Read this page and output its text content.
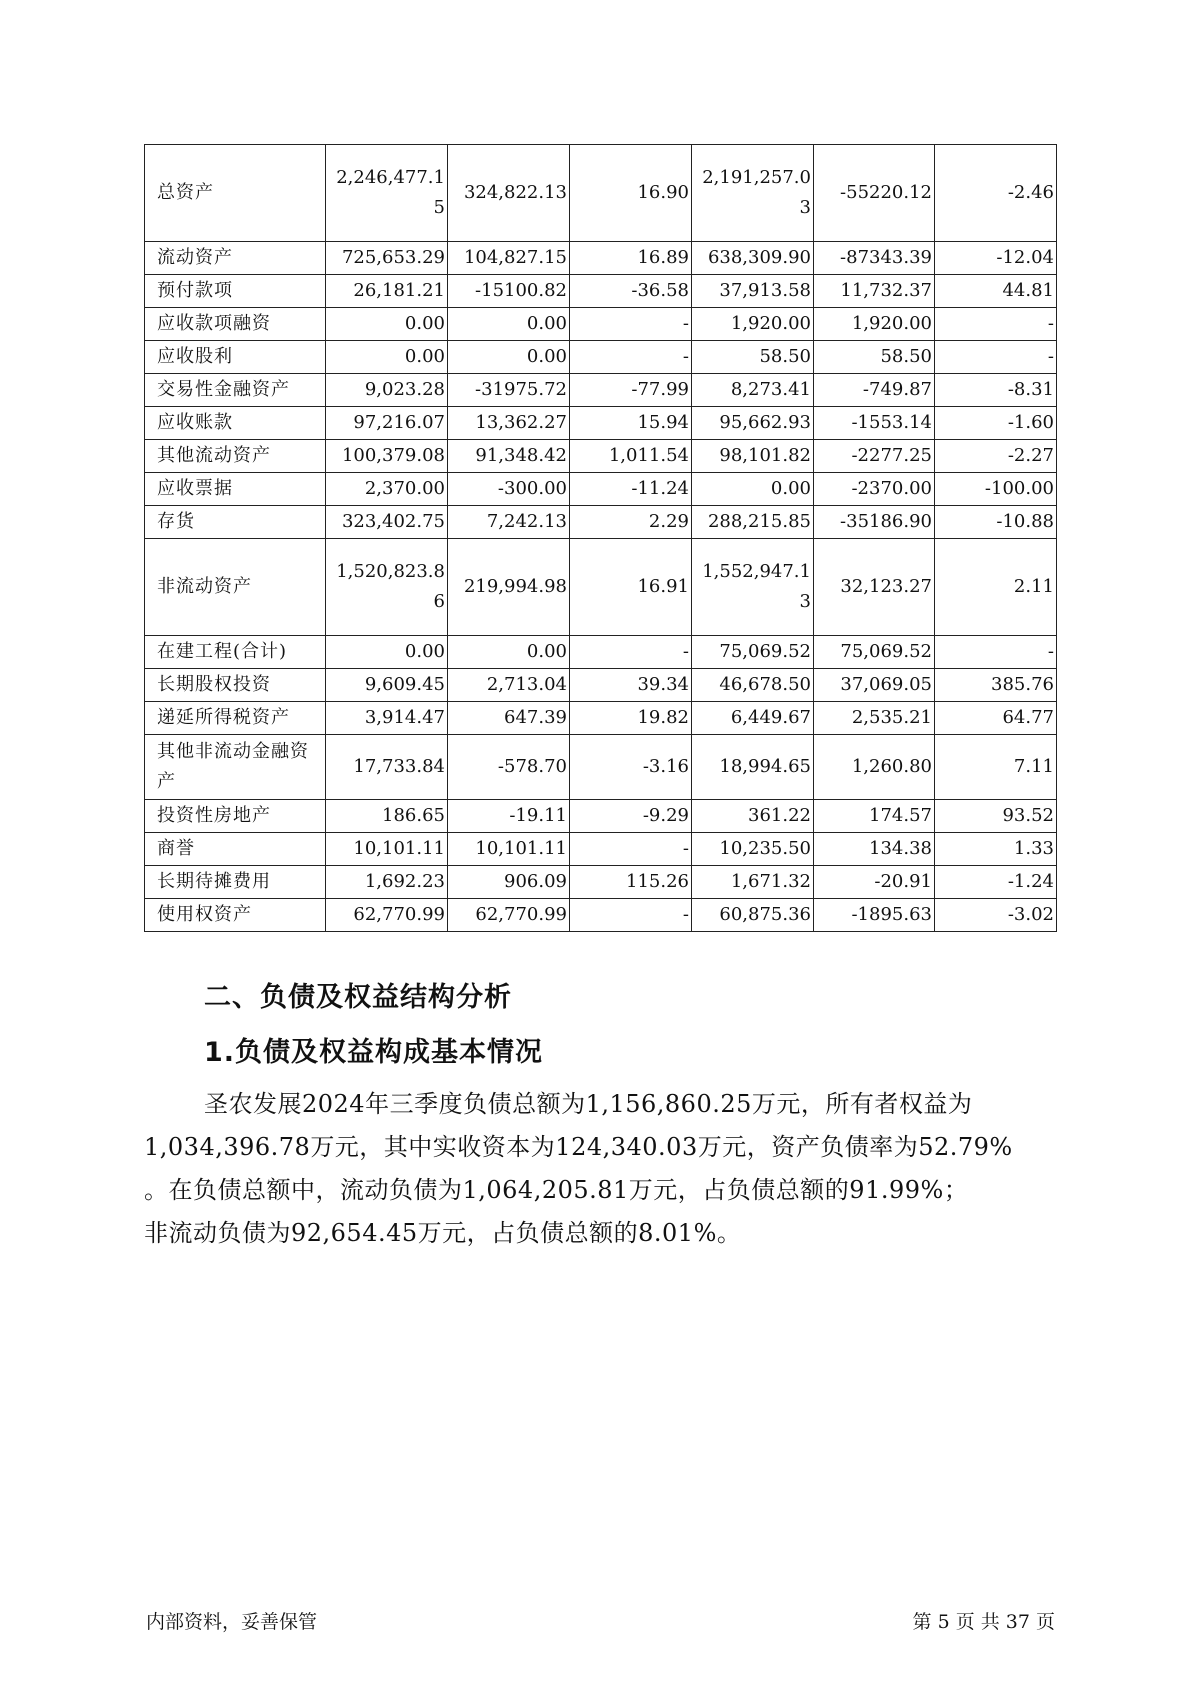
总资产	2,246,477.15	324,822.13	16.90	2,191,257.03	-55220.12	-2.46
流动资产	725,653.29	104,827.15	16.89	638,309.90	-87343.39	-12.04
预付款项	26,181.21	-15100.82	-36.58	37,913.58	11,732.37	44.81
应收款项融资	0.00	0.00	-	1,920.00	1,920.00	-
应收股利	0.00	0.00	-	58.50	58.50	-
交易性金融资产	9,023.28	-31975.72	-77.99	8,273.41	-749.87	-8.31
应收账款	97,216.07	13,362.27	15.94	95,662.93	-1553.14	-1.60
其他流动资产	100,379.08	91,348.42	1,011.54	98,101.82	-2277.25	-2.27
应收票据	2,370.00	-300.00	-11.24	0.00	-2370.00	-100.00
存货	323,402.75	7,242.13	2.29	288,215.85	-35186.90	-10.88
非流动资产	1,520,823.86	219,994.98	16.91	1,552,947.13	32,123.27	2.11
在建工程(合计)	0.00	0.00	-	75,069.52	75,069.52	-
长期股权投资	9,609.45	2,713.04	39.34	46,678.50	37,069.05	385.76
递延所得税资产	3,914.47	647.39	19.82	6,449.67	2,535.21	64.77
其他非流动金融资产	17,733.84	-578.70	-3.16	18,994.65	1,260.80	7.11
投资性房地产	186.65	-19.11	-9.29	361.22	174.57	93.52
商誉	10,101.11	10,101.11	-	10,235.50	134.38	1.33
长期待摊费用	1,692.23	906.09	115.26	1,671.32	-20.91	-1.24
使用权资产	62,770.99	62,770.99	-	60,875.36	-1895.63	-3.02
二、负债及权益结构分析
1.负债及权益构成基本情况

圣农发展2024年三季度负债总额为1,156,860.25万元，所有者权益为

1,034,396.78万元，其中实收资本为124,340.03万元，资产负债率为52.79%

。在负债总额中，流动负债为1,064,205.81万元，占负债总额的91.99%；

非流动负债为92,654.45万元，占负债总额的8.01%。

内部资料，妥善保管	第 5 页 共 37 页
